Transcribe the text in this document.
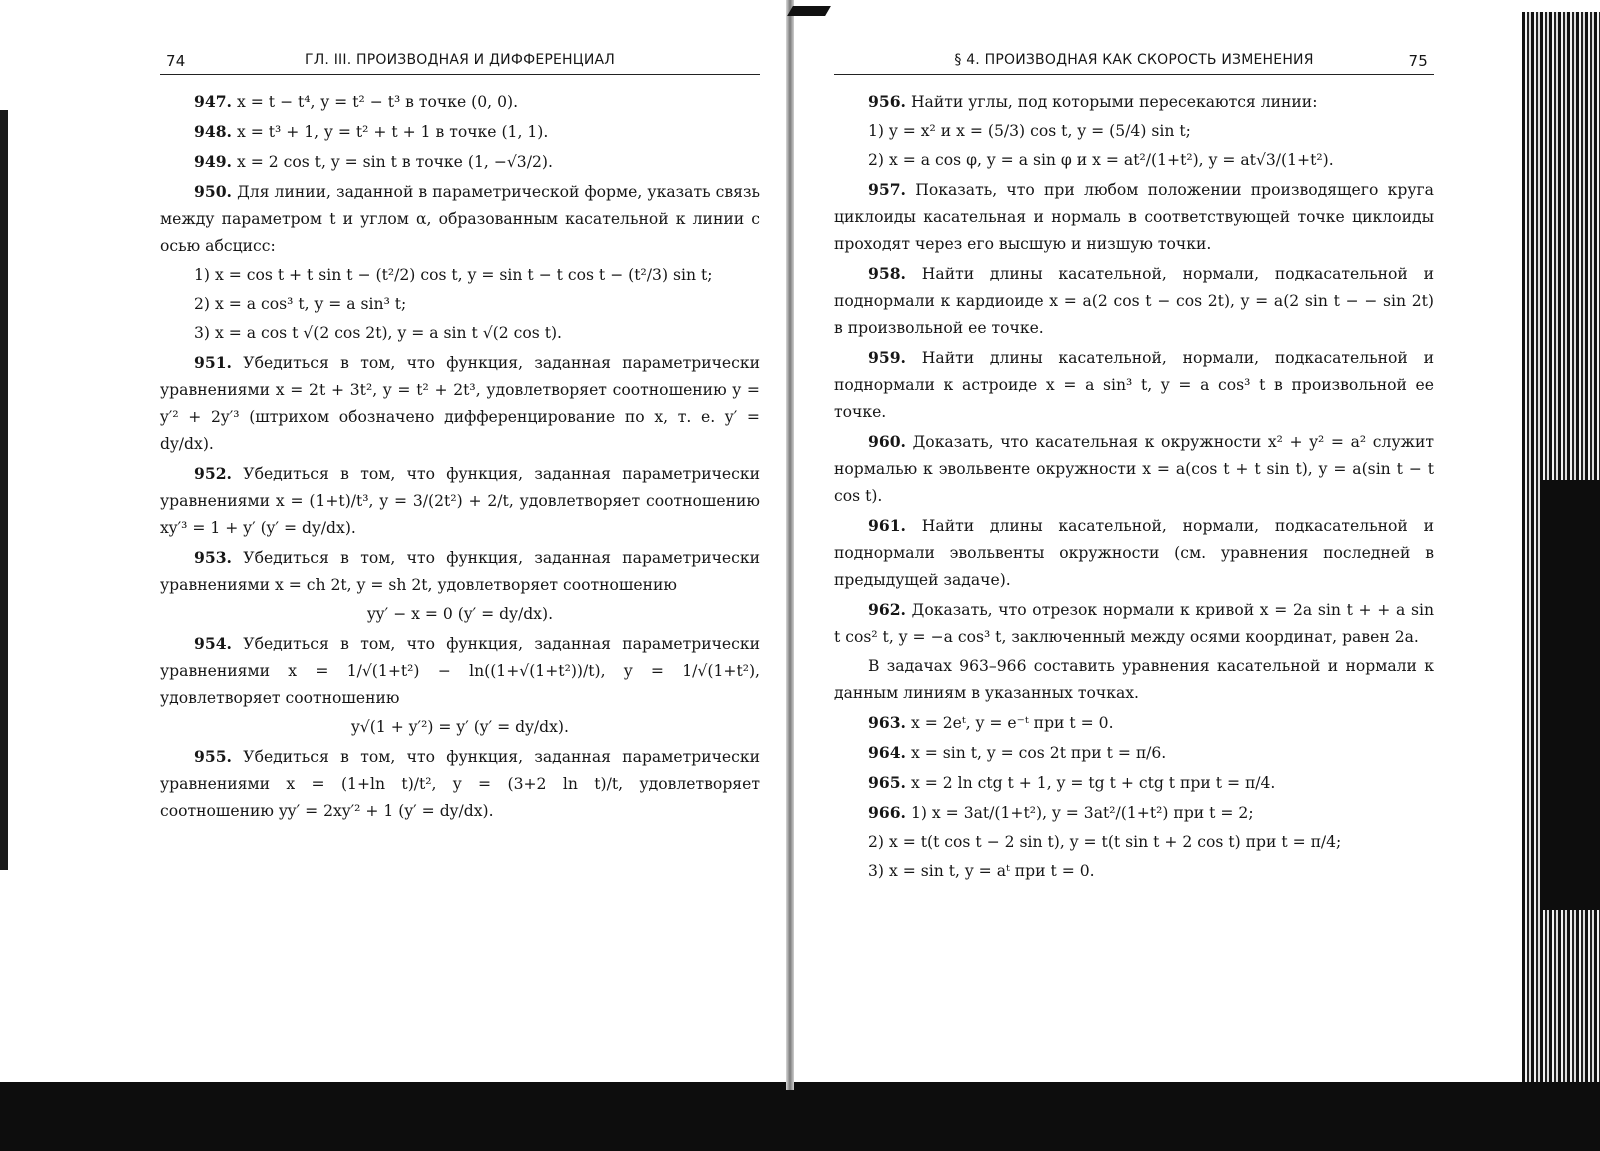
74	ГЛ. III. ПРОИЗВОДНАЯ И ДИФФЕРЕНЦИАЛ

947. x = t − t⁴, y = t² − t³ в точке (0, 0).

948. x = t³ + 1, y = t² + t + 1 в точке (1, 1).

949. x = 2 cos t, y = sin t в точке (1, −√3/2).

950. Для линии, заданной в параметрической форме, указать связь между параметром t и углом α, образованным касательной к линии с осью абсцисс:

1) x = cos t + t sin t − (t²/2) cos t, y = sin t − t cos t − (t²/3) sin t;

2) x = a cos³ t, y = a sin³ t;

3) x = a cos t √(2 cos 2t), y = a sin t √(2 cos t).

951. Убедиться в том, что функция, заданная параметрически уравнениями x = 2t + 3t², y = t² + 2t³, удовлетворяет соотношению y = y′² + 2y′³ (штрихом обозначено дифференцирование по x, т. е. y′ = dy/dx).

952. Убедиться в том, что функция, заданная параметрически уравнениями x = (1+t)/t³, y = 3/(2t²) + 2/t, удовлетворяет соотношению xy′³ = 1 + y′ (y′ = dy/dx).

953. Убедиться в том, что функция, заданная параметрически уравнениями x = ch 2t, y = sh 2t, удовлетворяет соотношению

yy′ − x = 0 (y′ = dy/dx).

954. Убедиться в том, что функция, заданная параметрически уравнениями x = 1/√(1+t²) − ln((1+√(1+t²))/t), y = 1/√(1+t²), удовлетворяет соотношению

y√(1 + y′²) = y′ (y′ = dy/dx).

955. Убедиться в том, что функция, заданная параметрически уравнениями x = (1+ln t)/t², y = (3+2 ln t)/t, удовлетворяет соотношению yy′ = 2xy′² + 1 (y′ = dy/dx).

§ 4. ПРОИЗВОДНАЯ КАК СКОРОСТЬ ИЗМЕНЕНИЯ	75

956. Найти углы, под которыми пересекаются линии:

1) y = x² и x = (5/3) cos t, y = (5/4) sin t;

2) x = a cos φ, y = a sin φ и x = at²/(1+t²), y = at√3/(1+t²).

957. Показать, что при любом положении производящего круга циклоиды касательная и нормаль в соответствующей точке циклоиды проходят через его высшую и низшую точки.

958. Найти длины касательной, нормали, подкасательной и поднормали к кардиоиде x = a(2 cos t − cos 2t), y = a(2 sin t − − sin 2t) в произвольной ее точке.

959. Найти длины касательной, нормали, подкасательной и поднормали к астроиде x = a sin³ t, y = a cos³ t в произвольной ее точке.

960. Доказать, что касательная к окружности x² + y² = a² служит нормалью к эвольвенте окружности x = a(cos t + t sin t), y = a(sin t − t cos t).

961. Найти длины касательной, нормали, подкасательной и поднормали эвольвенты окружности (см. уравнения последней в предыдущей задаче).

962. Доказать, что отрезок нормали к кривой x = 2a sin t + + a sin t cos² t, y = −a cos³ t, заключенный между осями координат, равен 2a.

В задачах 963–966 составить уравнения касательной и нормали к данным линиям в указанных точках.

963. x = 2eᵗ, y = e⁻ᵗ при t = 0.

964. x = sin t, y = cos 2t при t = π/6.

965. x = 2 ln ctg t + 1, y = tg t + ctg t при t = π/4.

966. 1) x = 3at/(1+t²), y = 3at²/(1+t²) при t = 2;

2) x = t(t cos t − 2 sin t), y = t(t sin t + 2 cos t) при t = π/4;

3) x = sin t, y = aᵗ при t = 0.
